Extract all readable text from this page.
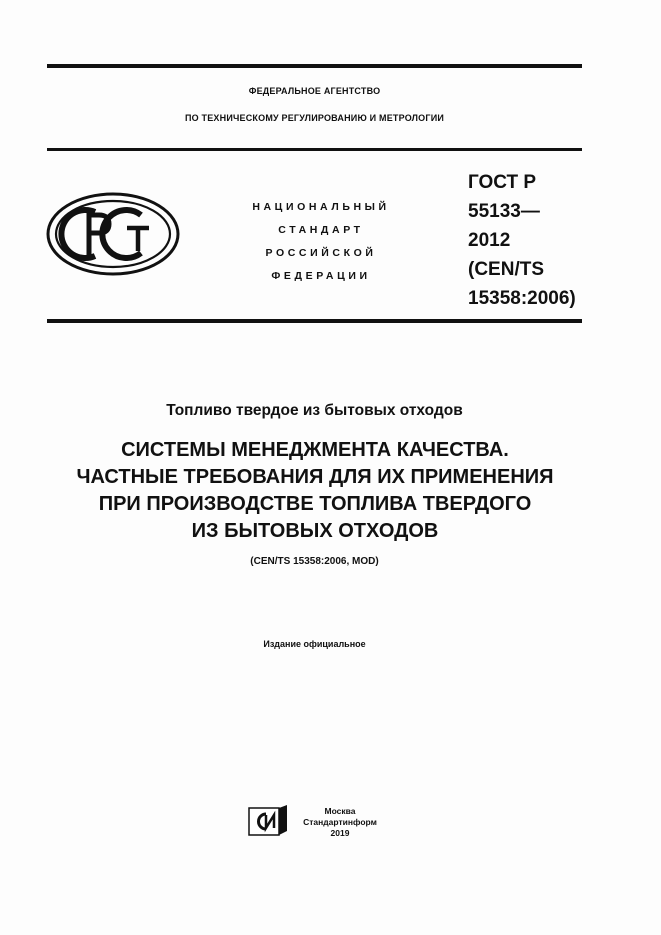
ФЕДЕРАЛЬНОЕ АГЕНТСТВО
ПО ТЕХНИЧЕСКОМУ РЕГУЛИРОВАНИЮ И МЕТРОЛОГИИ
НАЦИОНАЛЬНЫЙ
СТАНДАРТ
РОССИЙСКОЙ
ФЕДЕРАЦИИ
ГОСТ Р
55133—
2012
(CEN/TS
15358:2006)
Топливо твердое из бытовых отходов
СИСТЕМЫ МЕНЕДЖМЕНТА КАЧЕСТВА.
ЧАСТНЫЕ ТРЕБОВАНИЯ ДЛЯ ИХ ПРИМЕНЕНИЯ
ПРИ ПРОИЗВОДСТВЕ ТОПЛИВА ТВЕРДОГО
ИЗ БЫТОВЫХ ОТХОДОВ
(CEN/TS 15358:2006, MOD)
Издание официальное
Москва
Стандартинформ
2019
